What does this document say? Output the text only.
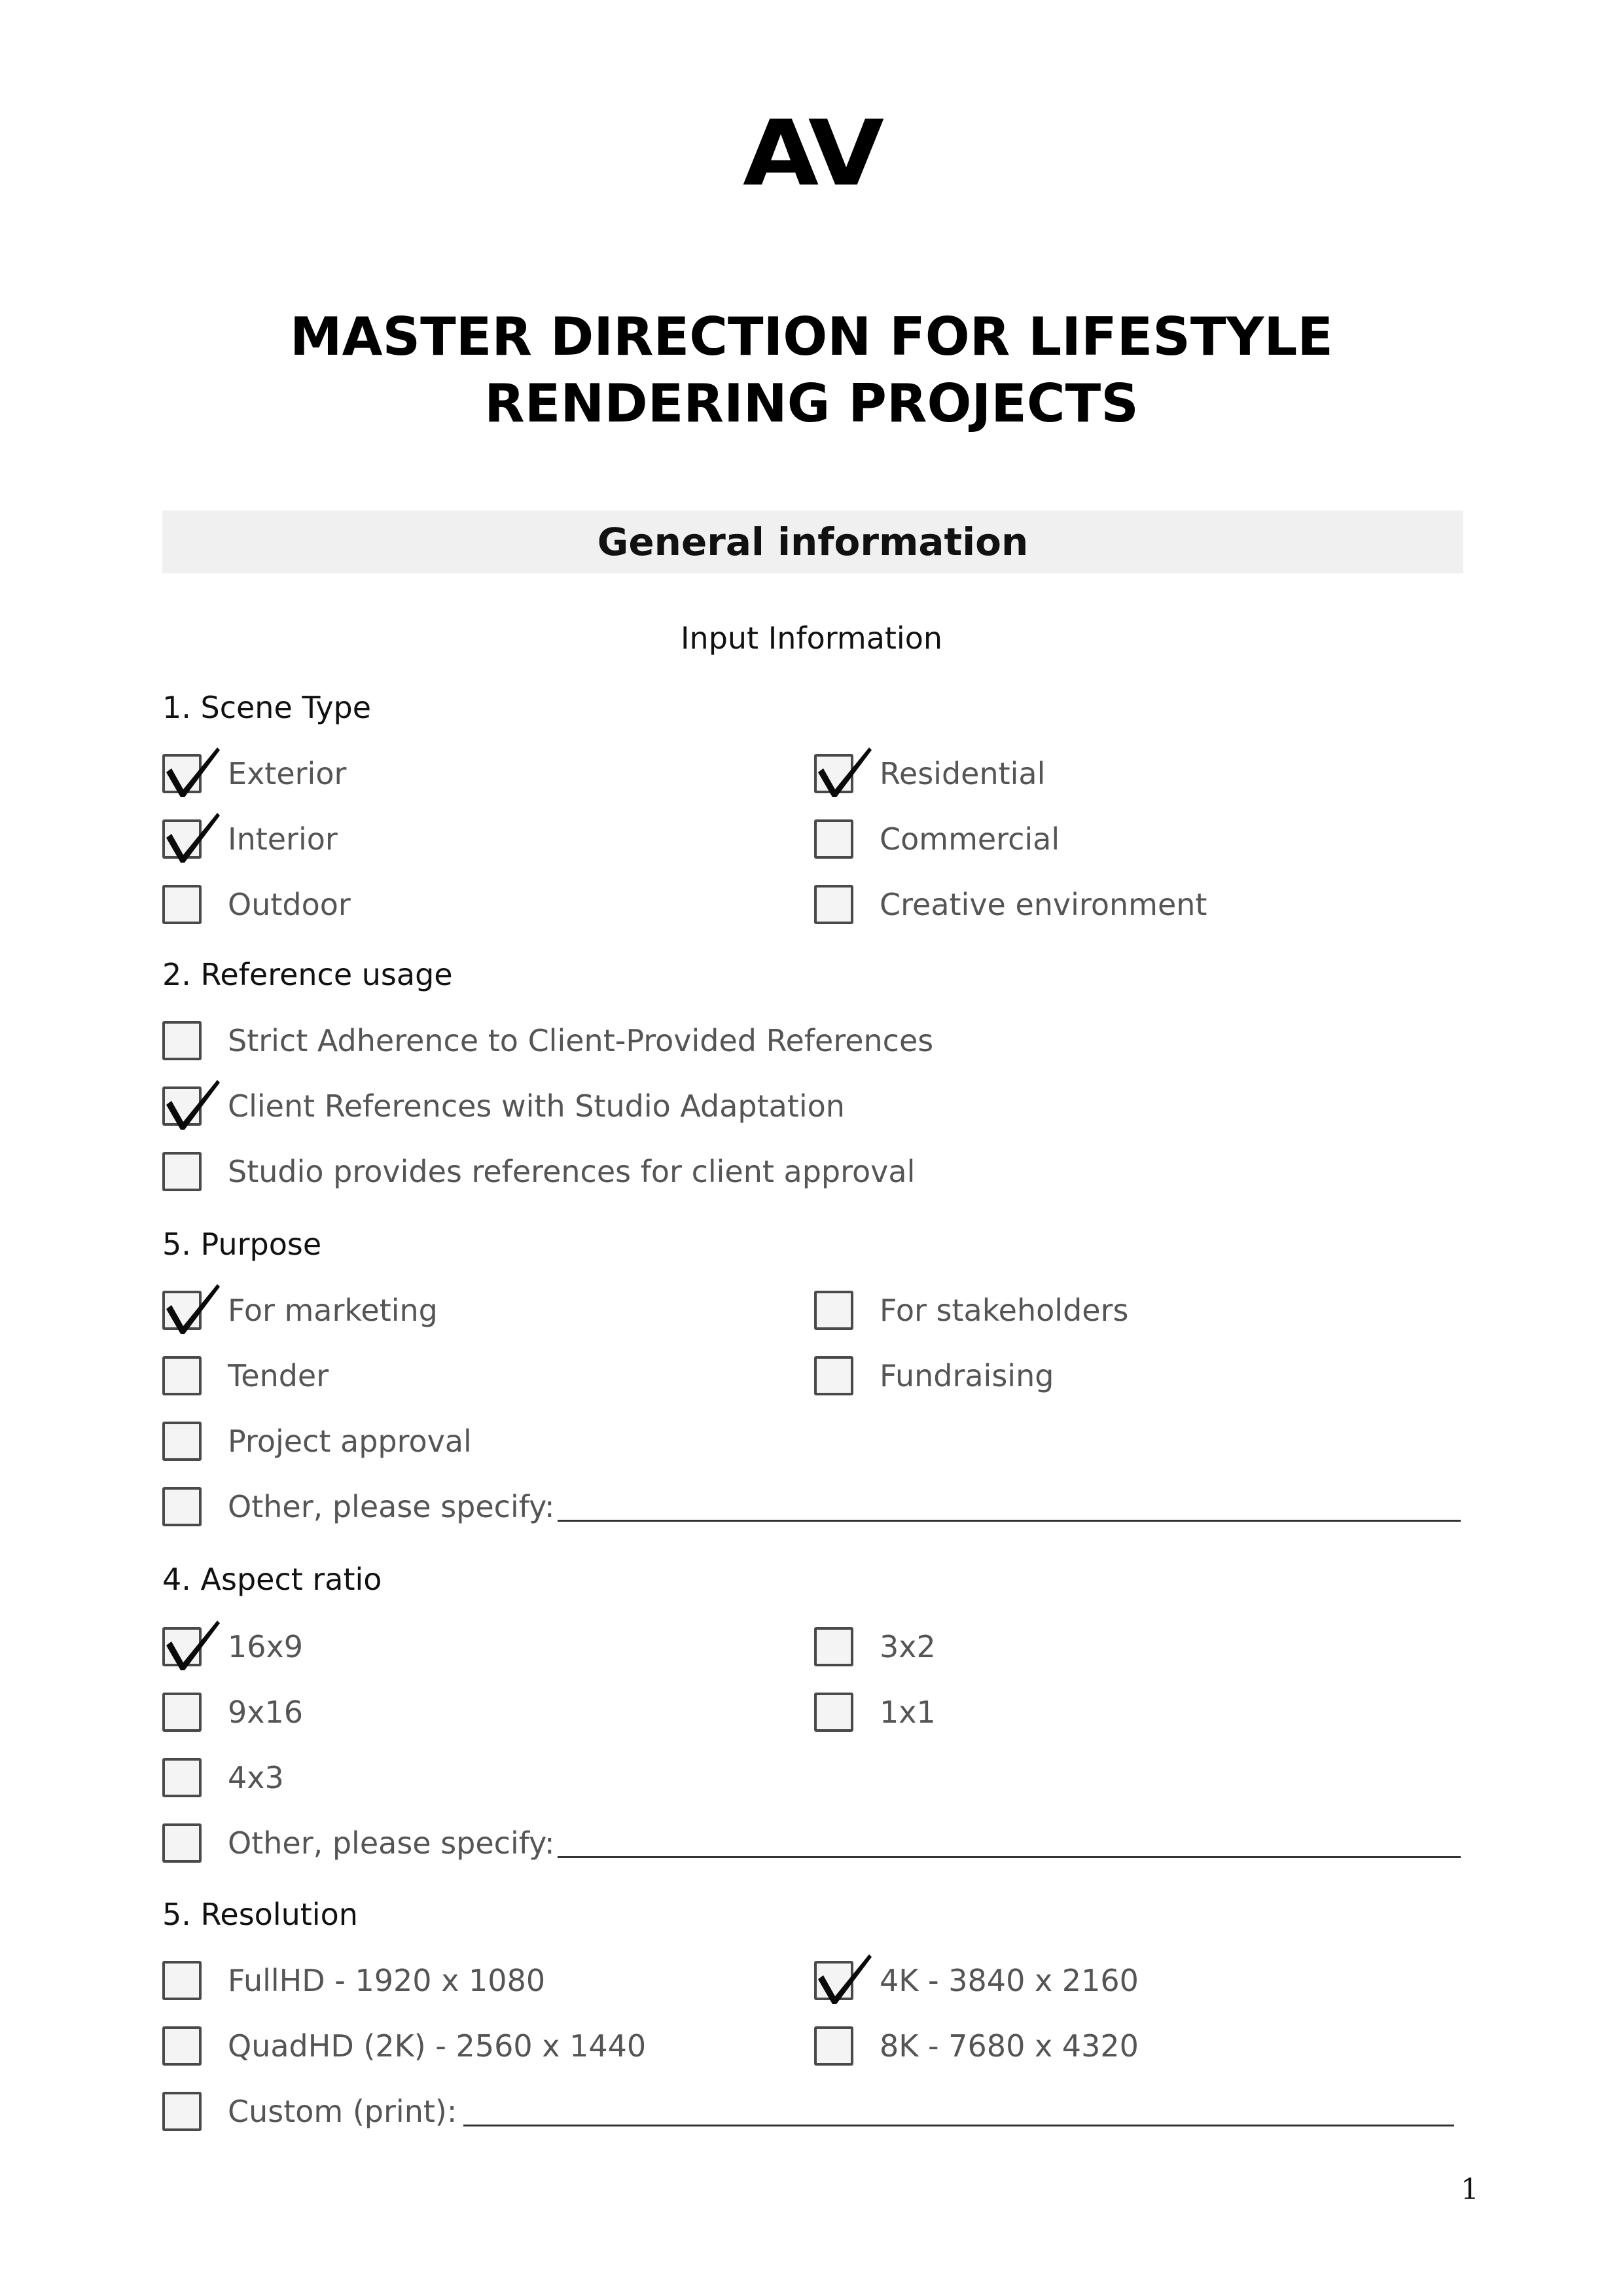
AV
MASTER DIRECTION FOR LIFESTYLE
RENDERING PROJECTS
General information
Input Information
1. Scene Type
Exterior	Residential
Interior	Commercial
Outdoor	Creative environment
2. Reference usage
Strict Adherence to Client-Provided References
Client References with Studio Adaptation
Studio provides references for client approval
5. Purpose
For marketing	For stakeholders
Tender	Fundraising
Project approval
Other, please specify:
4. Aspect ratio
16x9	3x2
9x16	1x1
4x3
Other, please specify:
5. Resolution
FullHD - 1920 x 1080	4K - 3840 x 2160
QuadHD (2K) - 2560 x 1440	8K - 7680 x 4320
Custom (print):
1
